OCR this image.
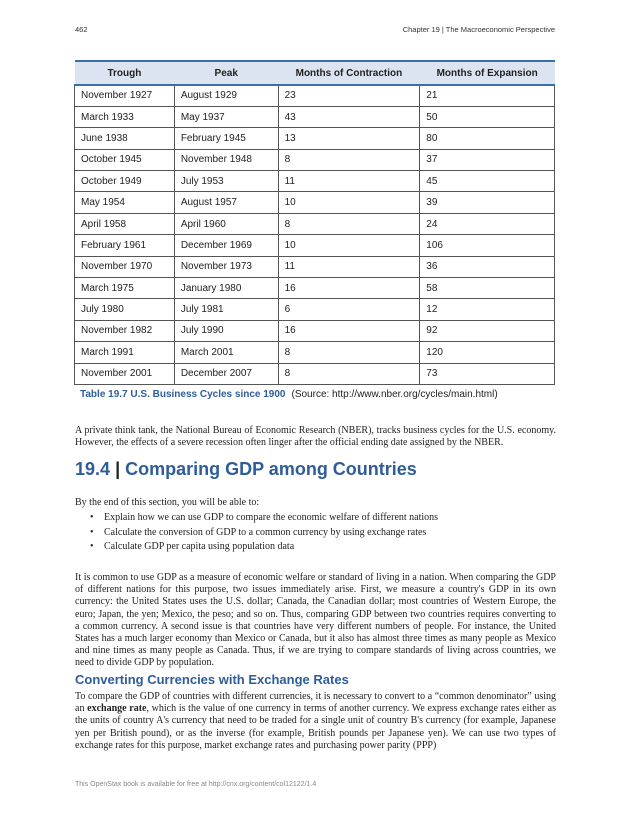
462	Chapter 19 | The Macroeconomic Perspective
Trough	Peak	Months of Contraction	Months of Expansion
November 1927	August 1929	23	21
March 1933	May 1937	43	50
June 1938	February 1945	13	80
October 1945	November 1948	8	37
October 1949	July 1953	11	45
May 1954	August 1957	10	39
April 1958	April 1960	8	24
February 1961	December 1969	10	106
November 1970	November 1973	11	36
March 1975	January 1980	16	58
July 1980	July 1981	6	12
November 1982	July 1990	16	92
March 1991	March 2001	8	120
November 2001	December 2007	8	73
Table 19.7 U.S. Business Cycles since 1900 (Source: http://www.nber.org/cycles/main.html)
A private think tank, the National Bureau of Economic Research (NBER), tracks business cycles for the U.S. economy. However, the effects of a severe recession often linger after the official ending date assigned by the NBER.
19.4 | Comparing GDP among Countries
By the end of this section, you will be able to:
• Explain how we can use GDP to compare the economic welfare of different nations
• Calculate the conversion of GDP to a common currency by using exchange rates
• Calculate GDP per capita using population data
It is common to use GDP as a measure of economic welfare or standard of living in a nation. When comparing the GDP of different nations for this purpose, two issues immediately arise. First, we measure a country's GDP in its own currency: the United States uses the U.S. dollar; Canada, the Canadian dollar; most countries of Western Europe, the euro; Japan, the yen; Mexico, the peso; and so on. Thus, comparing GDP between two countries requires converting to a common currency. A second issue is that countries have very different numbers of people. For instance, the United States has a much larger economy than Mexico or Canada, but it also has almost three times as many people as Mexico and nine times as many people as Canada. Thus, if we are trying to compare standards of living across countries, we need to divide GDP by population.
Converting Currencies with Exchange Rates
To compare the GDP of countries with different currencies, it is necessary to convert to a “common denominator” using an exchange rate, which is the value of one currency in terms of another currency. We express exchange rates either as the units of country A's currency that need to be traded for a single unit of country B's currency (for example, Japanese yen per British pound), or as the inverse (for example, British pounds per Japanese yen). We can use two types of exchange rates for this purpose, market exchange rates and purchasing power parity (PPP)
This OpenStax book is available for free at http://cnx.org/content/col12122/1.4
